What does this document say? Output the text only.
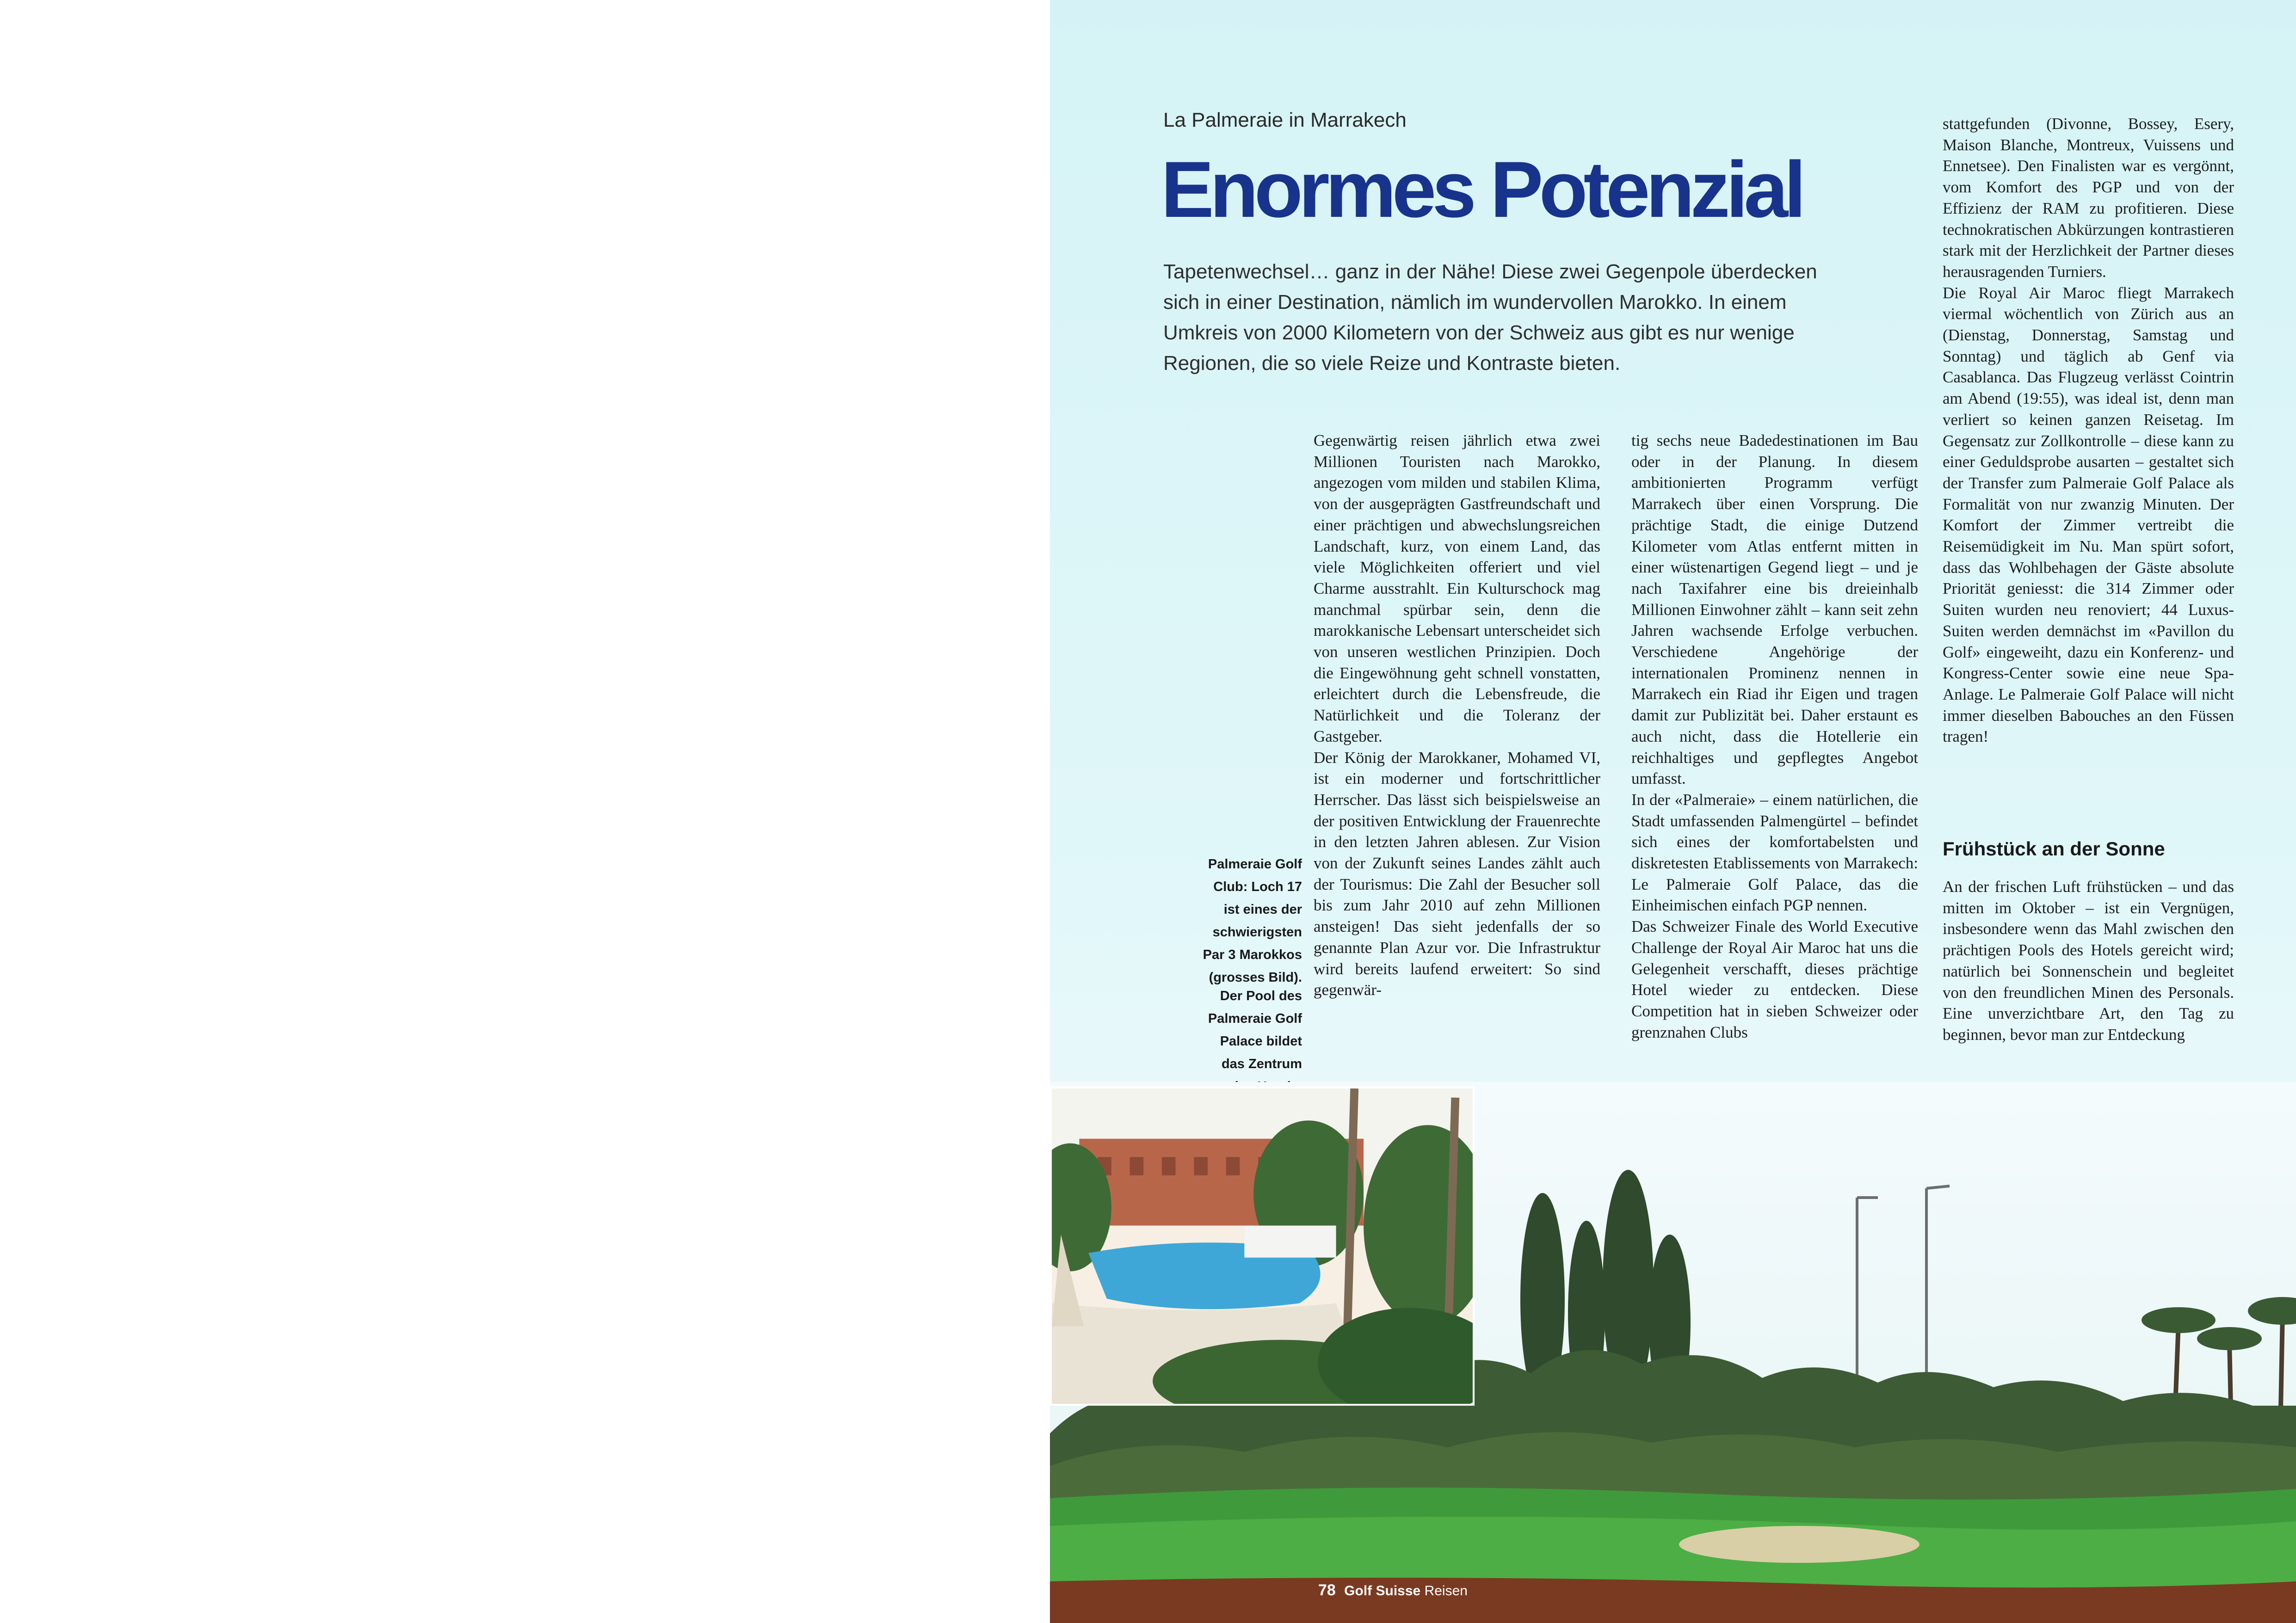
La Palmeraie in Marrakech

Enormes Potenzial

Tapetenwechsel… ganz in der Nähe! Diese zwei Gegenpole überdecken sich in einer Destination, nämlich im wundervollen Marokko. In einem Umkreis von 2000 Kilometern von der Schweiz aus gibt es nur wenige Regionen, die so viele Reize und Kontraste bieten.

Palmeraie Golf Club: Loch 17 ist eines der schwierigsten Par 3 Marokkos (grosses Bild).

Der Pool des Palmeraie Golf Palace bildet das Zentrum

Gegenwärtig reisen jährlich etwa zwei Millionen Touristen nach Marokko, angezogen vom milden und stabilen Klima, von der ausgeprägten Gastfreundschaft und einer prächtigen und abwechslungsreichen Landschaft, kurz, von einem Land, das viele Möglichkeiten offeriert und viel Charme ausstrahlt. Ein Kulturschock mag manchmal spürbar sein, denn die marokkanische Lebensart unterscheidet sich von unseren westlichen Prinzipien. Doch die Eingewöhnung geht schnell vonstatten, erleichtert durch die Lebensfreude, die Natürlichkeit und die Toleranz der Gastgeber.
Der König der Marokkaner, Mohamed VI, ist ein moderner und fortschrittlicher Herrscher. Das lässt sich beispielsweise an der positiven Entwicklung der Frauenrechte in den letzten Jahren ablesen. Zur Vision von der Zukunft seines Landes zählt auch der Tourismus: Die Zahl der Besucher soll bis zum Jahr 2010 auf zehn Millionen ansteigen! Das sieht jedenfalls der so genannte Plan Azur vor. Die Infrastruktur wird bereits laufend erweitert: So sind gegenwär-

tig sechs neue Badedestinationen im Bau oder in der Planung. In diesem ambitionierten Programm verfügt Marrakech über einen Vorsprung. Die prächtige Stadt, die einige Dutzend Kilometer vom Atlas entfernt mitten in einer wüstenartigen Gegend liegt – und je nach Taxifahrer eine bis dreieinhalb Millionen Einwohner zählt – kann seit zehn Jahren wachsende Erfolge verbuchen. Verschiedene Angehörige der internationalen Prominenz nennen in Marrakech ein Riad ihr Eigen und tragen damit zur Publizität bei. Daher erstaunt es auch nicht, dass die Hotellerie ein reichhaltiges und gepflegtes Angebot umfasst.
In der «Palmeraie» – einem natürlichen, die Stadt umfassenden Palmengürtel – befindet sich eines der komfortabelsten und diskretesten Etablissements von Marrakech: Le Palmeraie Golf Palace, das die Einheimischen einfach PGP nennen.
Das Schweizer Finale des World Executive Challenge der Royal Air Maroc hat uns die Gelegenheit verschafft, dieses prächtige Hotel wieder zu entdecken. Diese Competition hat in sieben Schweizer oder grenznahen Clubs

stattgefunden (Divonne, Bossey, Esery, Maison Blanche, Montreux, Vuissens und Ennetsee). Den Finalisten war es vergönnt, vom Komfort des PGP und von der Effizienz der RAM zu profitieren. Diese technokratischen Abkürzungen kontrastieren stark mit der Herzlichkeit der Partner dieses herausragenden Turniers.
Die Royal Air Maroc fliegt Marrakech viermal wöchentlich von Zürich aus an (Dienstag, Donnerstag, Samstag und Sonntag) und täglich ab Genf via Casablanca. Das Flugzeug verlässt Cointrin am Abend (19:55), was ideal ist, denn man verliert so keinen ganzen Reisetag. Im Gegensatz zur Zollkontrolle – diese kann zu einer Geduldsprobe ausarten – gestaltet sich der Transfer zum Palmeraie Golf Palace als Formalität von nur zwanzig Minuten. Der Komfort der Zimmer vertreibt die Reisemüdigkeit im Nu. Man spürt sofort, dass das Wohlbehagen der Gäste absolute Priorität geniesst: die 314 Zimmer oder Suiten wurden neu renoviert; 44 Luxus-Suiten werden demnächst im «Pavillon du Golf» eingeweiht, dazu ein Konferenz- und Kongress-Center sowie eine neue Spa-Anlage. Le Palmeraie Golf Palace will nicht immer dieselben Babouches an den Füssen tragen!

Frühstück an der Sonne

An der frischen Luft frühstücken – und das mitten im Oktober – ist ein Vergnügen, insbesondere wenn das Mahl zwischen den prächtigen Pools des Hotels gereicht wird; natürlich bei Sonnenschein und begleitet von den freundlichen Minen des Personals. Eine unverzichtbare Art, den Tag zu beginnen, bevor man zur Entdeckung

78 Golf Suisse Reisen
